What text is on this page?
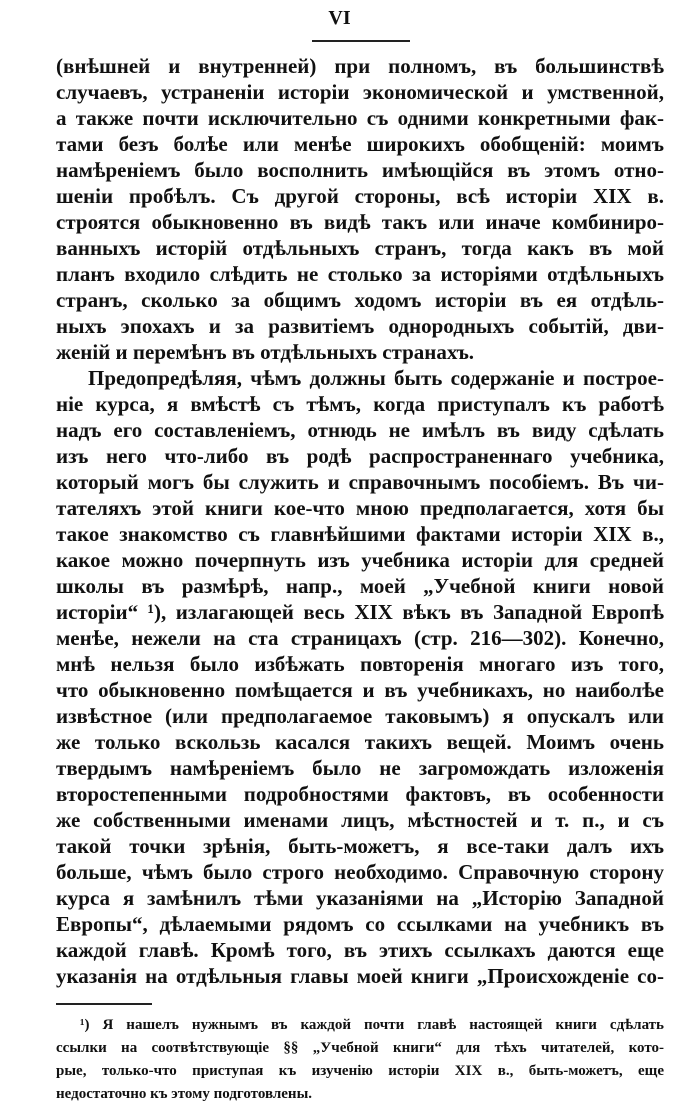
VI
(внѣшней и внутренней) при полномъ, въ большинствѣ
случаевъ, устраненіи исторіи экономической и умственной,
а также почти исключительно съ одними конкретными фак-
тами безъ болѣе или менѣе широкихъ обобщеній: моимъ
намѣреніемъ было восполнить имѣющійся въ этомъ отно-
шеніи пробѣлъ. Съ другой стороны, всѣ исторіи XIX в.
строятся обыкновенно въ видѣ такъ или иначе комбиниро-
ванныхъ исторій отдѣльныхъ странъ, тогда какъ въ мой
планъ входило слѣдить не столько за исторіями отдѣльныхъ
странъ, сколько за общимъ ходомъ исторіи въ ея отдѣль-
ныхъ эпохахъ и за развитіемъ однородныхъ событій, дви-
женій и перемѣнъ въ отдѣльныхъ странахъ.
Предопредѣляя, чѣмъ должны быть содержаніе и построе-
ніе курса, я вмѣстѣ съ тѣмъ, когда приступалъ къ работѣ
надъ его составленіемъ, отнюдь не имѣлъ въ виду сдѣлать
изъ него что-либо въ родѣ распространеннаго учебника,
который могъ бы служить и справочнымъ пособіемъ. Въ чи-
тателяхъ этой книги кое-что мною предполагается, хотя бы
такое знакомство съ главнѣйшими фактами исторіи XIX в.,
какое можно почерпнуть изъ учебника исторіи для средней
школы въ размѣрѣ, напр., моей „Учебной книги новой
исторіи“ ¹), излагающей весь XIX вѣкъ въ Западной Европѣ
менѣе, нежели на ста страницахъ (стр. 216—302). Конечно,
мнѣ нельзя было избѣжать повторенія многаго изъ того,
что обыкновенно помѣщается и въ учебникахъ, но наиболѣе
извѣстное (или предполагаемое таковымъ) я опускалъ или
же только вскользь касался такихъ вещей. Моимъ очень
твердымъ намѣреніемъ было не загромождать изложенія
второстепенными подробностями фактовъ, въ особенности
же собственными именами лицъ, мѣстностей и т. п., и съ
такой точки зрѣнія, быть-можетъ, я все-таки далъ ихъ
больше, чѣмъ было строго необходимо. Справочную сторону
курса я замѣнилъ тѣми указаніями на „Исторію Западной
Европы“, дѣлаемыми рядомъ со ссылками на учебникъ въ
каждой главѣ. Кромѣ того, въ этихъ ссылкахъ даются еще
указанія на отдѣльныя главы моей книги „Происхожденіе со-
¹) Я нашелъ нужнымъ въ каждой почти главѣ настоящей книги сдѣлать
ссылки на соотвѣтствующіе §§ „Учебной книги“ для тѣхъ читателей, кото-
рые, только-что приступая къ изученію исторіи XIX в., быть-можетъ, еще
недостаточно къ этому подготовлены.
